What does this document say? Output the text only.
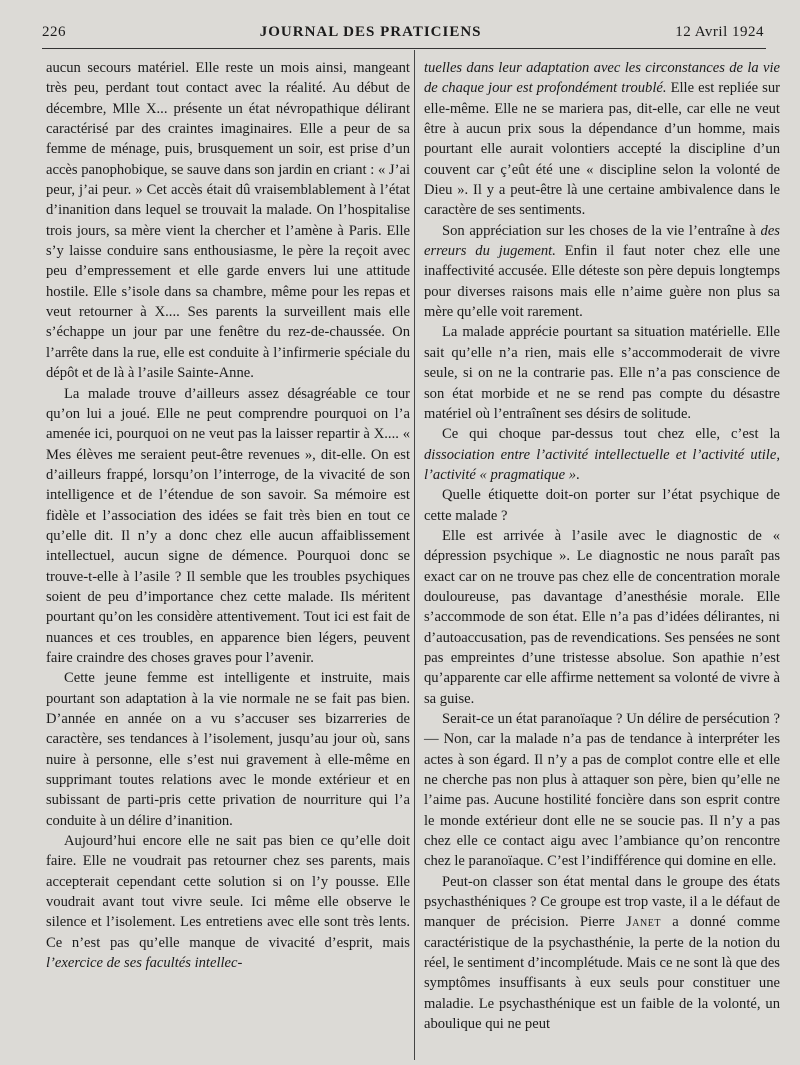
226	JOURNAL DES PRATICIENS	12 Avril 1924

aucun secours matériel. Elle reste un mois ainsi, mangeant très peu, perdant tout contact avec la réalité. Au début de décembre, Mlle X... présente un état névropathique délirant caractérisé par des craintes imaginaires. Elle a peur de sa femme de ménage, puis, brusquement un soir, est prise d’un accès panophobique, se sauve dans son jardin en criant : « J’ai peur, j’ai peur. » Cet accès était dû vraisemblablement à l’état d’inanition dans lequel se trouvait la malade. On l’hospitalise trois jours, sa mère vient la chercher et l’amène à Paris. Elle s’y laisse conduire sans enthousiasme, le père la reçoit avec peu d’empressement et elle garde envers lui une attitude hostile. Elle s’isole dans sa chambre, même pour les repas et veut retourner à X.... Ses parents la surveillent mais elle s’échappe un jour par une fenêtre du rez-de-chaussée. On l’arrête dans la rue, elle est conduite à l’infirmerie spéciale du dépôt et de là à l’asile Sainte-Anne.

La malade trouve d’ailleurs assez désagréable ce tour qu’on lui a joué. Elle ne peut comprendre pourquoi on l’a amenée ici, pourquoi on ne veut pas la laisser repartir à X.... « Mes élèves me seraient peut-être revenues », dit-elle. On est d’ailleurs frappé, lorsqu’on l’interroge, de la vivacité de son intelligence et de l’étendue de son savoir. Sa mémoire est fidèle et l’association des idées se fait très bien en tout ce qu’elle dit. Il n’y a donc chez elle aucun affaiblissement intellectuel, aucun signe de démence. Pourquoi donc se trouve-t-elle à l’asile ? Il semble que les troubles psychiques soient de peu d’importance chez cette malade. Ils méritent pourtant qu’on les considère attentivement. Tout ici est fait de nuances et ces troubles, en apparence bien légers, peuvent faire craindre des choses graves pour l’avenir.

Cette jeune femme est intelligente et instruite, mais pourtant son adaptation à la vie normale ne se fait pas bien. D’année en année on a vu s’accuser ses bizarreries de caractère, ses tendances à l’isolement, jusqu’au jour où, sans nuire à personne, elle s’est nui gravement à elle-même en supprimant toutes relations avec le monde extérieur et en subissant de parti-pris cette privation de nourriture qui l’a conduite à un délire d’inanition.

Aujourd’hui encore elle ne sait pas bien ce qu’elle doit faire. Elle ne voudrait pas retourner chez ses parents, mais accepterait cependant cette solution si on l’y pousse. Elle voudrait avant tout vivre seule. Ici même elle observe le silence et l’isolement. Les entretiens avec elle sont très lents. Ce n’est pas qu’elle manque de vivacité d’esprit, mais l’exercice de ses facultés intellec-

tuelles dans leur adaptation avec les circonstances de la vie de chaque jour est profondément troublé. Elle est repliée sur elle-même. Elle ne se mariera pas, dit-elle, car elle ne veut être à aucun prix sous la dépendance d’un homme, mais pourtant elle aurait volontiers accepté la discipline d’un couvent car ç’eût été une « discipline selon la volonté de Dieu ». Il y a peut-être là une certaine ambivalence dans le caractère de ses sentiments.

Son appréciation sur les choses de la vie l’entraîne à des erreurs du jugement. Enfin il faut noter chez elle une inaffectivité accusée. Elle déteste son père depuis longtemps pour diverses raisons mais elle n’aime guère non plus sa mère qu’elle voit rarement.

La malade apprécie pourtant sa situation matérielle. Elle sait qu’elle n’a rien, mais elle s’accommoderait de vivre seule, si on ne la contrarie pas. Elle n’a pas conscience de son état morbide et ne se rend pas compte du désastre matériel où l’entraînent ses désirs de solitude.

Ce qui choque par-dessus tout chez elle, c’est la dissociation entre l’activité intellectuelle et l’activité utile, l’activité « pragmatique ».

Quelle étiquette doit-on porter sur l’état psychique de cette malade ?

Elle est arrivée à l’asile avec le diagnostic de « dépression psychique ». Le diagnostic ne nous paraît pas exact car on ne trouve pas chez elle de concentration morale douloureuse, pas davantage d’anesthésie morale. Elle s’accommode de son état. Elle n’a pas d’idées délirantes, ni d’autoaccusation, pas de revendications. Ses pensées ne sont pas empreintes d’une tristesse absolue. Son apathie n’est qu’apparente car elle affirme nettement sa volonté de vivre à sa guise.

Serait-ce un état paranoïaque ? Un délire de persécution ? — Non, car la malade n’a pas de tendance à interpréter les actes à son égard. Il n’y a pas de complot contre elle et elle ne cherche pas non plus à attaquer son père, bien qu’elle ne l’aime pas. Aucune hostilité foncière dans son esprit contre le monde extérieur dont elle ne se soucie pas. Il n’y a pas chez elle ce contact aigu avec l’ambiance qu’on rencontre chez le paranoïaque. C’est l’indifférence qui domine en elle.

Peut-on classer son état mental dans le groupe des états psychasthéniques ? Ce groupe est trop vaste, il a le défaut de manquer de précision. Pierre Janet a donné comme caractéristique de la psychasthénie, la perte de la notion du réel, le sentiment d’incomplétude. Mais ce ne sont là que des symptômes insuffisants à eux seuls pour constituer une maladie. Le psychasthénique est un faible de la volonté, un aboulique qui ne peut
